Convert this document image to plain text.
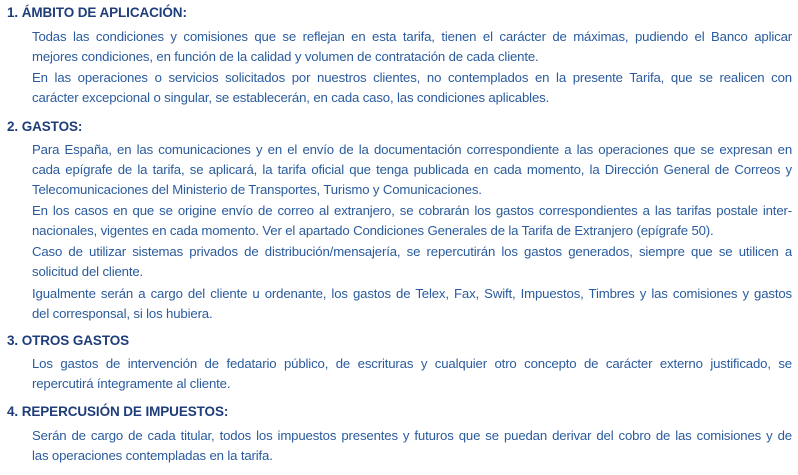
1. ÁMBITO DE APLICACIÓN:

Todas las condiciones y comisiones que se reflejan en esta tarifa, tienen el carácter de máximas, pudiendo el Banco aplicar
mejores condiciones, en función de la calidad y volumen de contratación de cada cliente.

En las operaciones o servicios solicitados por nuestros clientes, no contemplados en la presente Tarifa, que se realicen con
carácter excepcional o singular, se establecerán, en cada caso, las condiciones aplicables.

2. GASTOS:

Para España, en las comunicaciones y en el envío de la documentación correspondiente a las operaciones que se expresan en
cada epígrafe de la tarifa, se aplicará, la tarifa oficial que tenga publicada en cada momento, la Dirección General de Correos y
Telecomunicaciones del Ministerio de Transportes, Turismo y Comunicaciones.

En los casos en que se origine envío de correo al extranjero, se cobrarán los gastos correspondientes a las tarifas postale inter-
nacionales, vigentes en cada momento. Ver el apartado Condiciones Generales de la Tarifa de Extranjero (epígrafe 50).

Caso de utilizar sistemas privados de distribución/mensajería, se repercutirán los gastos generados, siempre que se utilicen a
solicitud del cliente.

Igualmente serán a cargo del cliente u ordenante, los gastos de Telex, Fax, Swift, Impuestos, Timbres y las comisiones y gastos
del corresponsal, si los hubiera.

3. OTROS GASTOS

Los gastos de intervención de fedatario público, de escrituras y cualquier otro concepto de carácter externo justificado, se
repercutirá íntegramente al cliente.

4. REPERCUSIÓN DE IMPUESTOS:

Serán de cargo de cada titular, todos los impuestos presentes y futuros que se puedan derivar del cobro de las comisiones y de
las operaciones contempladas en la tarifa.
